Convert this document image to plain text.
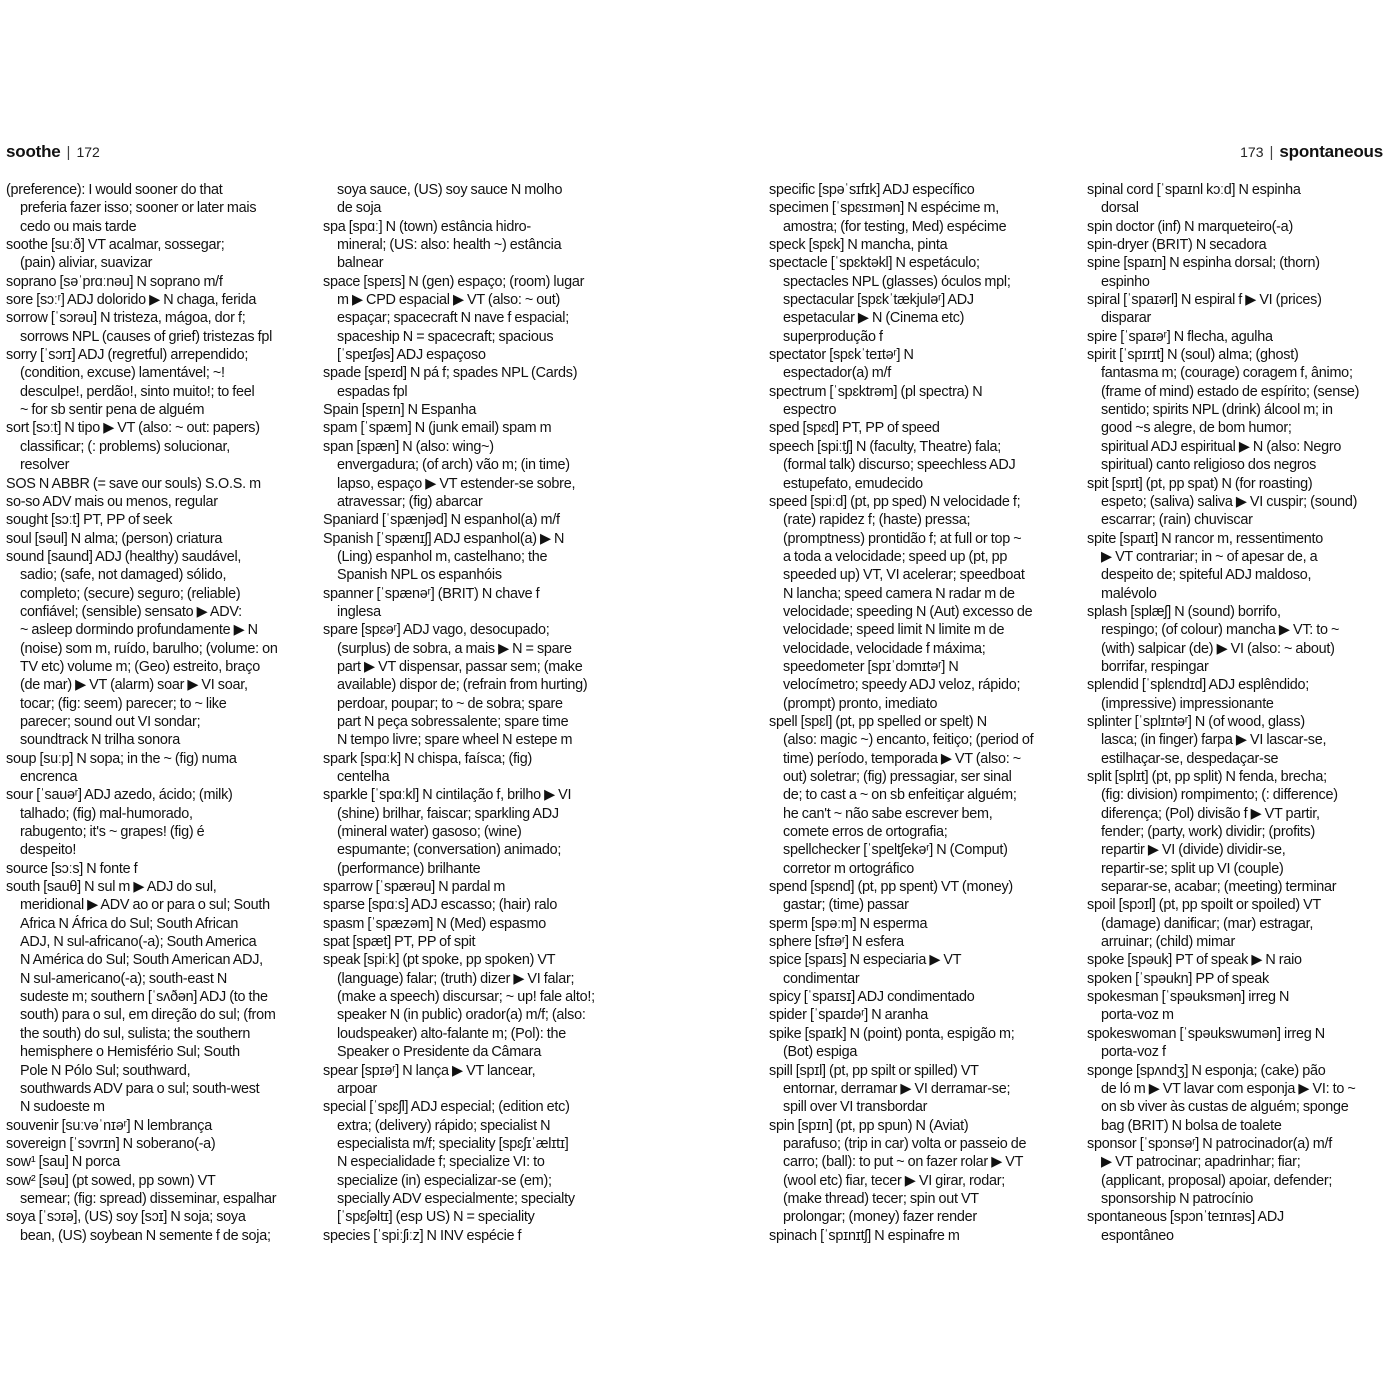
soothe | 172
(preference): I would sooner do that
preferia fazer isso; sooner or later mais
cedo ou mais tarde
soothe [suːð] VT acalmar, sossegar;
(pain) aliviar, suavizar
soprano [səˈprɑːnəu] N soprano m/f
sore [sɔːʳ] ADJ dolorido ▶ N chaga, ferida
sorrow [ˈsɔrəu] N tristeza, mágoa, dor f;
sorrows NPL (causes of grief) tristezas fpl
sorry [ˈsɔrɪ] ADJ (regretful) arrependido;
(condition, excuse) lamentável; ~!
desculpe!, perdão!, sinto muito!; to feel
~ for sb sentir pena de alguém
sort [sɔːt] N tipo ▶ VT (also: ~ out: papers)
classificar; (: problems) solucionar,
resolver
SOS N ABBR (= save our souls) S.O.S. m
so-so ADV mais ou menos, regular
sought [sɔːt] PT, PP of seek
soul [səul] N alma; (person) criatura
sound [saund] ADJ (healthy) saudável,
sadio; (safe, not damaged) sólido,
completo; (secure) seguro; (reliable)
confiável; (sensible) sensato ▶ ADV:
~ asleep dormindo profundamente ▶ N
(noise) som m, ruído, barulho; (volume: on
TV etc) volume m; (Geo) estreito, braço
(de mar) ▶ VT (alarm) soar ▶ VI soar,
tocar; (fig: seem) parecer; to ~ like
parecer; sound out VI sondar;
soundtrack N trilha sonora
soup [suːp] N sopa; in the ~ (fig) numa
encrenca
sour [ˈsauəʳ] ADJ azedo, ácido; (milk)
talhado; (fig) mal-humorado,
rabugento; it's ~ grapes! (fig) é
despeito!
source [sɔːs] N fonte f
south [sauθ] N sul m ▶ ADJ do sul,
meridional ▶ ADV ao or para o sul; South
Africa N África do Sul; South African
ADJ, N sul-africano(-a); South America
N América do Sul; South American ADJ,
N sul-americano(-a); south-east N
sudeste m; southern [ˈsʌðən] ADJ (to the
south) para o sul, em direção do sul; (from
the south) do sul, sulista; the southern
hemisphere o Hemisfério Sul; South
Pole N Pólo Sul; southward,
southwards ADV para o sul; south-west
N sudoeste m
souvenir [suːvəˈnɪəʳ] N lembrança
sovereign [ˈsɔvrɪn] N soberano(-a)
sow¹ [sau] N porca
sow² [səu] (pt sowed, pp sown) VT
semear; (fig: spread) disseminar, espalhar
soya [ˈsɔɪə], (US) soy [sɔɪ] N soja; soya
bean, (US) soybean N semente f de soja;
soya sauce, (US) soy sauce N molho
de soja
spa [spɑː] N (town) estância hidro-
mineral; (US: also: health ~) estância
balnear
space [speɪs] N (gen) espaço; (room) lugar
m ▶ CPD espacial ▶ VT (also: ~ out)
espaçar; spacecraft N nave f espacial;
spaceship N = spacecraft; spacious
[ˈspeɪʃəs] ADJ espaçoso
spade [speɪd] N pá f; spades NPL (Cards)
espadas fpl
Spain [speɪn] N Espanha
spam [ˈspæm] N (junk email) spam m
span [spæn] N (also: wing~)
envergadura; (of arch) vão m; (in time)
lapso, espaço ▶ VT estender-se sobre,
atravessar; (fig) abarcar
Spaniard [ˈspænjəd] N espanhol(a) m/f
Spanish [ˈspænɪʃ] ADJ espanhol(a) ▶ N
(Ling) espanhol m, castelhano; the
Spanish NPL os espanhóis
spanner [ˈspænəʳ] (BRIT) N chave f
inglesa
spare [spɛəʳ] ADJ vago, desocupado;
(surplus) de sobra, a mais ▶ N = spare
part ▶ VT dispensar, passar sem; (make
available) dispor de; (refrain from hurting)
perdoar, poupar; to ~ de sobra; spare
part N peça sobressalente; spare time
N tempo livre; spare wheel N estepe m
spark [spɑːk] N chispa, faísca; (fig)
centelha
sparkle [ˈspɑːkl] N cintilação f, brilho ▶ VI
(shine) brilhar, faiscar; sparkling ADJ
(mineral water) gasoso; (wine)
espumante; (conversation) animado;
(performance) brilhante
sparrow [ˈspærəu] N pardal m
sparse [spɑːs] ADJ escasso; (hair) ralo
spasm [ˈspæzəm] N (Med) espasmo
spat [spæt] PT, PP of spit
speak [spiːk] (pt spoke, pp spoken) VT
(language) falar; (truth) dizer ▶ VI falar;
(make a speech) discursar; ~ up! fale alto!;
speaker N (in public) orador(a) m/f; (also:
loudspeaker) alto-falante m; (Pol): the
Speaker o Presidente da Câmara
spear [spɪəʳ] N lança ▶ VT lancear,
arpoar
special [ˈspɛʃl] ADJ especial; (edition etc)
extra; (delivery) rápido; specialist N
especialista m/f; speciality [spɛʃɪˈælɪtɪ]
N especialidade f; specialize VI: to
specialize (in) especializar-se (em);
specially ADV especialmente; specialty
[ˈspɛʃəltɪ] (esp US) N = speciality
species [ˈspiːʃiːz] N INV espécie f
173 | spontaneous
specific [spəˈsɪfɪk] ADJ específico
specimen [ˈspɛsɪmən] N espécime m,
amostra; (for testing, Med) espécime
speck [spɛk] N mancha, pinta
spectacle [ˈspɛktəkl] N espetáculo;
spectacles NPL (glasses) óculos mpl;
spectacular [spɛkˈtækjuləʳ] ADJ
espetacular ▶ N (Cinema etc)
superprodução f
spectator [spɛkˈteɪtəʳ] N
espectador(a) m/f
spectrum [ˈspɛktrəm] (pl spectra) N
espectro
sped [spɛd] PT, PP of speed
speech [spiːtʃ] N (faculty, Theatre) fala;
(formal talk) discurso; speechless ADJ
estupefato, emudecido
speed [spiːd] (pt, pp sped) N velocidade f;
(rate) rapidez f; (haste) pressa;
(promptness) prontidão f; at full or top ~
a toda a velocidade; speed up (pt, pp
speeded up) VT, VI acelerar; speedboat
N lancha; speed camera N radar m de
velocidade; speeding N (Aut) excesso de
velocidade; speed limit N limite m de
velocidade, velocidade f máxima;
speedometer [spɪˈdɔmɪtəʳ] N
velocímetro; speedy ADJ veloz, rápido;
(prompt) pronto, imediato
spell [spɛl] (pt, pp spelled or spelt) N
(also: magic ~) encanto, feitiço; (period of
time) período, temporada ▶ VT (also: ~
out) soletrar; (fig) pressagiar, ser sinal
de; to cast a ~ on sb enfeitiçar alguém;
he can't ~ não sabe escrever bem,
comete erros de ortografia;
spellchecker [ˈspeltʃekəʳ] N (Comput)
corretor m ortográfico
spend [spɛnd] (pt, pp spent) VT (money)
gastar; (time) passar
sperm [spəːm] N esperma
sphere [sfɪəʳ] N esfera
spice [spaɪs] N especiaria ▶ VT
condimentar
spicy [ˈspaɪsɪ] ADJ condimentado
spider [ˈspaɪdəʳ] N aranha
spike [spaɪk] N (point) ponta, espigão m;
(Bot) espiga
spill [spɪl] (pt, pp spilt or spilled) VT
entornar, derramar ▶ VI derramar-se;
spill over VI transbordar
spin [spɪn] (pt, pp spun) N (Aviat)
parafuso; (trip in car) volta or passeio de
carro; (ball): to put ~ on fazer rolar ▶ VT
(wool etc) fiar, tecer ▶ VI girar, rodar;
(make thread) tecer; spin out VT
prolongar; (money) fazer render
spinach [ˈspɪnɪtʃ] N espinafre m
spinal cord [ˈspaɪnl kɔːd] N espinha
dorsal
spin doctor (inf) N marqueteiro(-a)
spin-dryer (BRIT) N secadora
spine [spaɪn] N espinha dorsal; (thorn)
espinho
spiral [ˈspaɪərl] N espiral f ▶ VI (prices)
disparar
spire [ˈspaɪəʳ] N flecha, agulha
spirit [ˈspɪrɪt] N (soul) alma; (ghost)
fantasma m; (courage) coragem f, ânimo;
(frame of mind) estado de espírito; (sense)
sentido; spirits NPL (drink) álcool m; in
good ~s alegre, de bom humor;
spiritual ADJ espiritual ▶ N (also: Negro
spiritual) canto religioso dos negros
spit [spɪt] (pt, pp spat) N (for roasting)
espeto; (saliva) saliva ▶ VI cuspir; (sound)
escarrar; (rain) chuviscar
spite [spaɪt] N rancor m, ressentimento
▶ VT contrariar; in ~ of apesar de, a
despeito de; spiteful ADJ maldoso,
malévolo
splash [splæʃ] N (sound) borrifo,
respingo; (of colour) mancha ▶ VT: to ~
(with) salpicar (de) ▶ VI (also: ~ about)
borrifar, respingar
splendid [ˈsplɛndɪd] ADJ esplêndido;
(impressive) impressionante
splinter [ˈsplɪntəʳ] N (of wood, glass)
lasca; (in finger) farpa ▶ VI lascar-se,
estilhaçar-se, despedaçar-se
split [splɪt] (pt, pp split) N fenda, brecha;
(fig: division) rompimento; (: difference)
diferença; (Pol) divisão f ▶ VT partir,
fender; (party, work) dividir; (profits)
repartir ▶ VI (divide) dividir-se,
repartir-se; split up VI (couple)
separar-se, acabar; (meeting) terminar
spoil [spɔɪl] (pt, pp spoilt or spoiled) VT
(damage) danificar; (mar) estragar,
arruinar; (child) mimar
spoke [spəuk] PT of speak ▶ N raio
spoken [ˈspəukn] PP of speak
spokesman [ˈspəuksmən] irreg N
porta-voz m
spokeswoman [ˈspəukswumən] irreg N
porta-voz f
sponge [spʌndʒ] N esponja; (cake) pão
de ló m ▶ VT lavar com esponja ▶ VI: to ~
on sb viver às custas de alguém; sponge
bag (BRIT) N bolsa de toalete
sponsor [ˈspɔnsəʳ] N patrocinador(a) m/f
▶ VT patrocinar; apadrinhar; fiar;
(applicant, proposal) apoiar, defender;
sponsorship N patrocínio
spontaneous [spɔnˈteɪnɪəs] ADJ
espontâneo
